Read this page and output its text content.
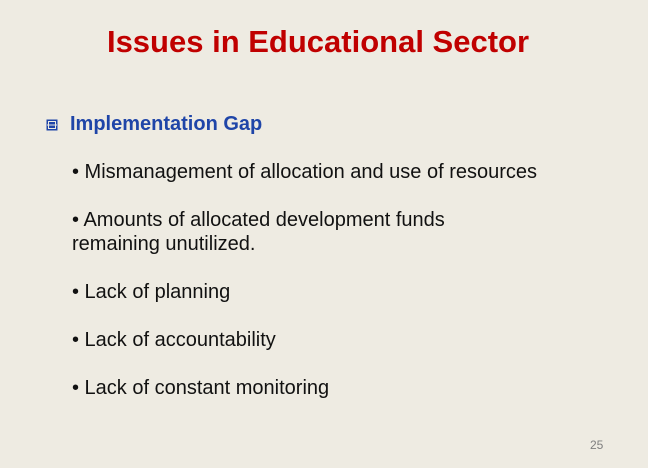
Issues in Educational Sector
Implementation Gap
• Mismanagement of allocation and use of resources
• Amounts of allocated development funds
remaining unutilized.
• Lack of planning
• Lack of accountability
• Lack of constant monitoring
25
